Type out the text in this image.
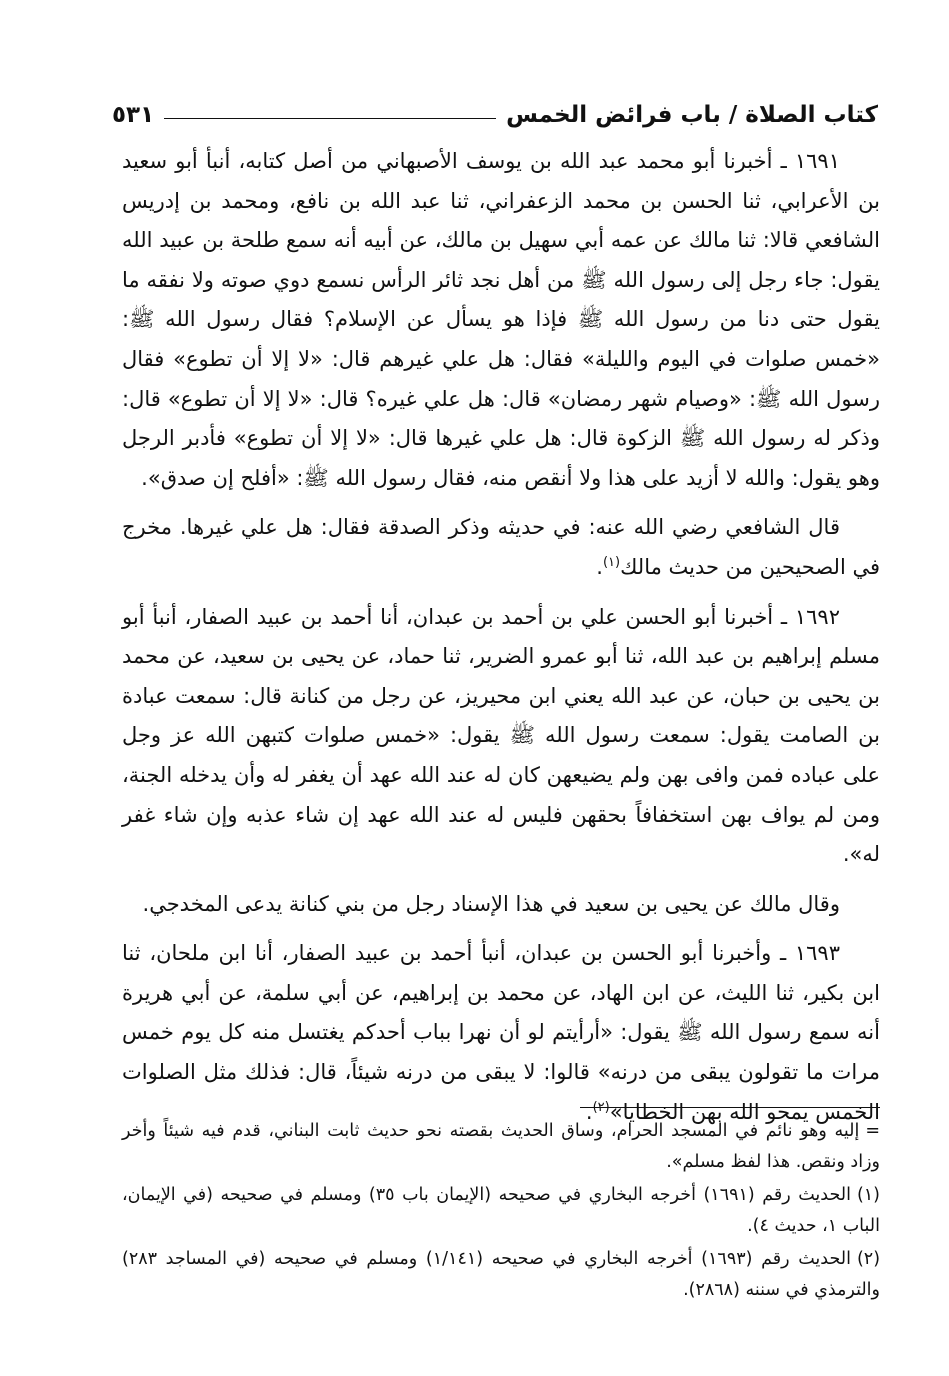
كتاب الصلاة / باب فرائض الخمس
٥٣١

١٦٩١ ـ أخبرنا أبو محمد عبد الله بن يوسف الأصبهاني من أصل كتابه، أنبأ أبو سعيد بن الأعرابي، ثنا الحسن بن محمد الزعفراني، ثنا عبد الله بن نافع، ومحمد بن إدريس الشافعي قالا: ثنا مالك عن عمه أبي سهيل بن مالك، عن أبيه أنه سمع طلحة بن عبيد الله يقول: جاء رجل إلى رسول الله ﷺ من أهل نجد ثائر الرأس نسمع دوي صوته ولا نفقه ما يقول حتى دنا من رسول الله ﷺ فإذا هو يسأل عن الإسلام؟ فقال رسول الله ﷺ: «خمس صلوات في اليوم والليلة» فقال: هل علي غيرهم قال: «لا إلا أن تطوع» فقال رسول الله ﷺ: «وصيام شهر رمضان» قال: هل علي غيره؟ قال: «لا إلا أن تطوع» قال: وذكر له رسول الله ﷺ الزكوة قال: هل علي غيرها قال: «لا إلا أن تطوع» فأدبر الرجل وهو يقول: والله لا أزيد على هذا ولا أنقص منه، فقال رسول الله ﷺ: «أفلح إن صدق».

قال الشافعي رضي الله عنه: في حديثه وذكر الصدقة فقال: هل علي غيرها. مخرج في الصحيحين من حديث مالك$^{(١)}$.

١٦٩٢ ـ أخبرنا أبو الحسن علي بن أحمد بن عبدان، أنا أحمد بن عبيد الصفار، أنبأ أبو مسلم إبراهيم بن عبد الله، ثنا أبو عمرو الضرير، ثنا حماد، عن يحيى بن سعيد، عن محمد بن يحيى بن حبان، عن عبد الله يعني ابن محيريز، عن رجل من كنانة قال: سمعت عبادة بن الصامت يقول: سمعت رسول الله ﷺ يقول: «خمس صلوات كتبهن الله عز وجل على عباده فمن وافى بهن ولم يضيعهن كان له عند الله عهد أن يغفر له وأن يدخله الجنة، ومن لم يواف بهن استخفافاً بحقهن فليس له عند الله عهد إن شاء عذبه وإن شاء غفر له».

وقال مالك عن يحيى بن سعيد في هذا الإسناد رجل من بني كنانة يدعى المخدجي.

١٦٩٣ ـ وأخبرنا أبو الحسن بن عبدان، أنبأ أحمد بن عبيد الصفار، أنا ابن ملحان، ثنا ابن بكير، ثنا الليث، عن ابن الهاد، عن محمد بن إبراهيم، عن أبي سلمة، عن أبي هريرة أنه سمع رسول الله ﷺ يقول: «أرأيتم لو أن نهرا بباب أحدكم يغتسل منه كل يوم خمس مرات ما تقولون يبقى من درنه» قالوا: لا يبقى من درنه شيئاً، قال: فذلك مثل الصلوات الخمس يمحو الله بهن الخطايا»$^{(٢)}$.

=إليه وهو نائم في المسجد الحرام، وساق الحديث بقصته نحو حديث ثابت البناني، قدم فيه شيئاً وأخر وزاد ونقص. هذا لفظ مسلم».

(١)الحديث رقم (١٦٩١) أخرجه البخاري في صحيحه (الإيمان باب ٣٥) ومسلم في صحيحه (في الإيمان، الباب ١، حديث ٤).

(٢)الحديث رقم (١٦٩٣) أخرجه البخاري في صحيحه (١/١٤١) ومسلم في صحيحه (في المساجد ٢٨٣) والترمذي في سننه (٢٨٦٨).
